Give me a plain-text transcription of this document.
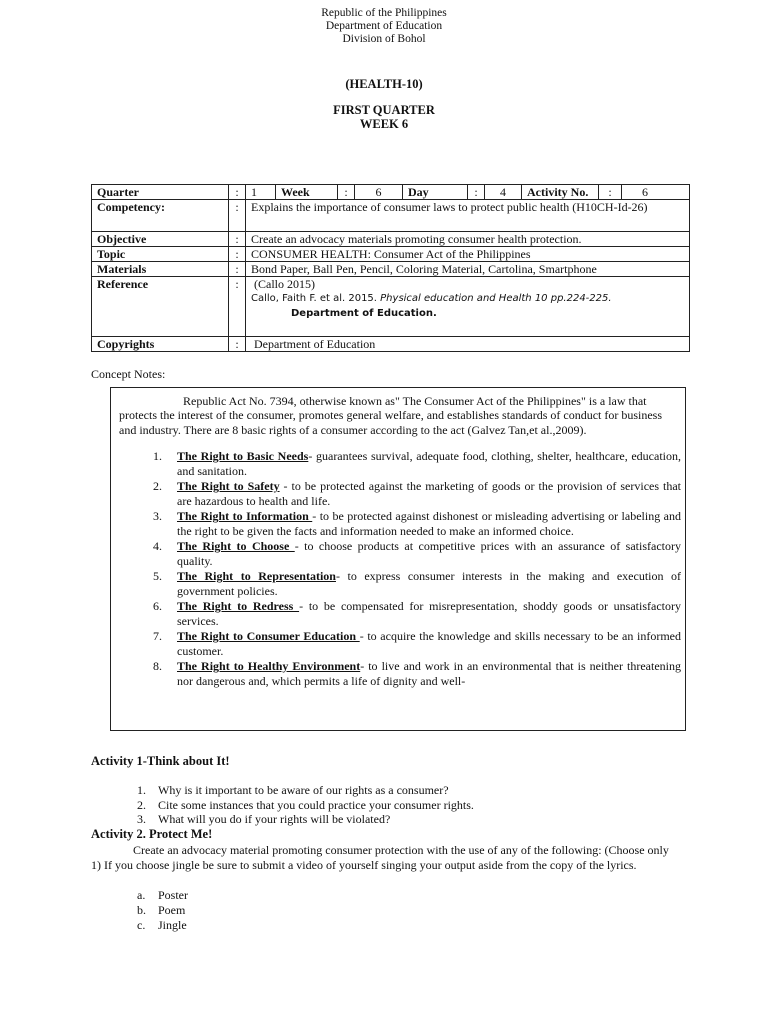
Republic of the Philippines
Department of Education
Division of Bohol
(HEALTH-10)
FIRST QUARTER
WEEK 6
Quarter	:	1	Week	:	6	Day	:	4	Activity No.	:	6
Competency:	:	Explains the importance of consumer laws to protect public health (H10CH-Id-26)									
Objective	:	Create an advocacy materials promoting consumer health protection.									
Topic	:	CONSUMER HEALTH: Consumer Act of the Philippines									
Materials	:	Bond Paper, Ball Pen, Pencil, Coloring Material, Cartolina, Smartphone									
Reference	:	(Callo 2015)
Callo, Faith F. et al. 2015. Physical education and Health 10 pp.224-225.
Department of Education.									

Copyrights	:	Department of Education									
Concept Notes:
Republic Act No. 7394, otherwise known as" The Consumer Act of the Philippines" is a law that protects the interest of the consumer, promotes general welfare, and establishes standards of conduct for business and industry. There are 8 basic rights of a consumer according to the act (Galvez Tan,et al.,2009).
1. The Right to Basic Needs- guarantees survival, adequate food, clothing, shelter, healthcare, education, and sanitation.
2. The Right to Safety - to be protected against the marketing of goods or the provision of services that are hazardous to health and life.
3. The Right to Information - to be protected against dishonest or misleading advertising or labeling and the right to be given the facts and information needed to make an informed choice.
4. The Right to Choose - to choose products at competitive prices with an assurance of satisfactory quality.
5. The Right to Representation- to express consumer interests in the making and execution of government policies.
6. The Right to Redress - to be compensated for misrepresentation, shoddy goods or unsatisfactory services.
7. The Right to Consumer Education - to acquire the knowledge and skills necessary to be an informed customer.
8. The Right to Healthy Environment- to live and work in an environmental that is neither threatening nor dangerous and, which permits a life of dignity and well-
Activity 1-Think about It!
1. Why is it important to be aware of our rights as a consumer?
2. Cite some instances that you could practice your consumer rights.
3. What will you do if your rights will be violated?
Activity 2. Protect Me!
Create an advocacy material promoting consumer protection with the use of any of the following: (Choose only 1) If you choose jingle be sure to submit a video of yourself singing your output aside from the copy of the lyrics.
a. Poster
b. Poem
c. Jingle
